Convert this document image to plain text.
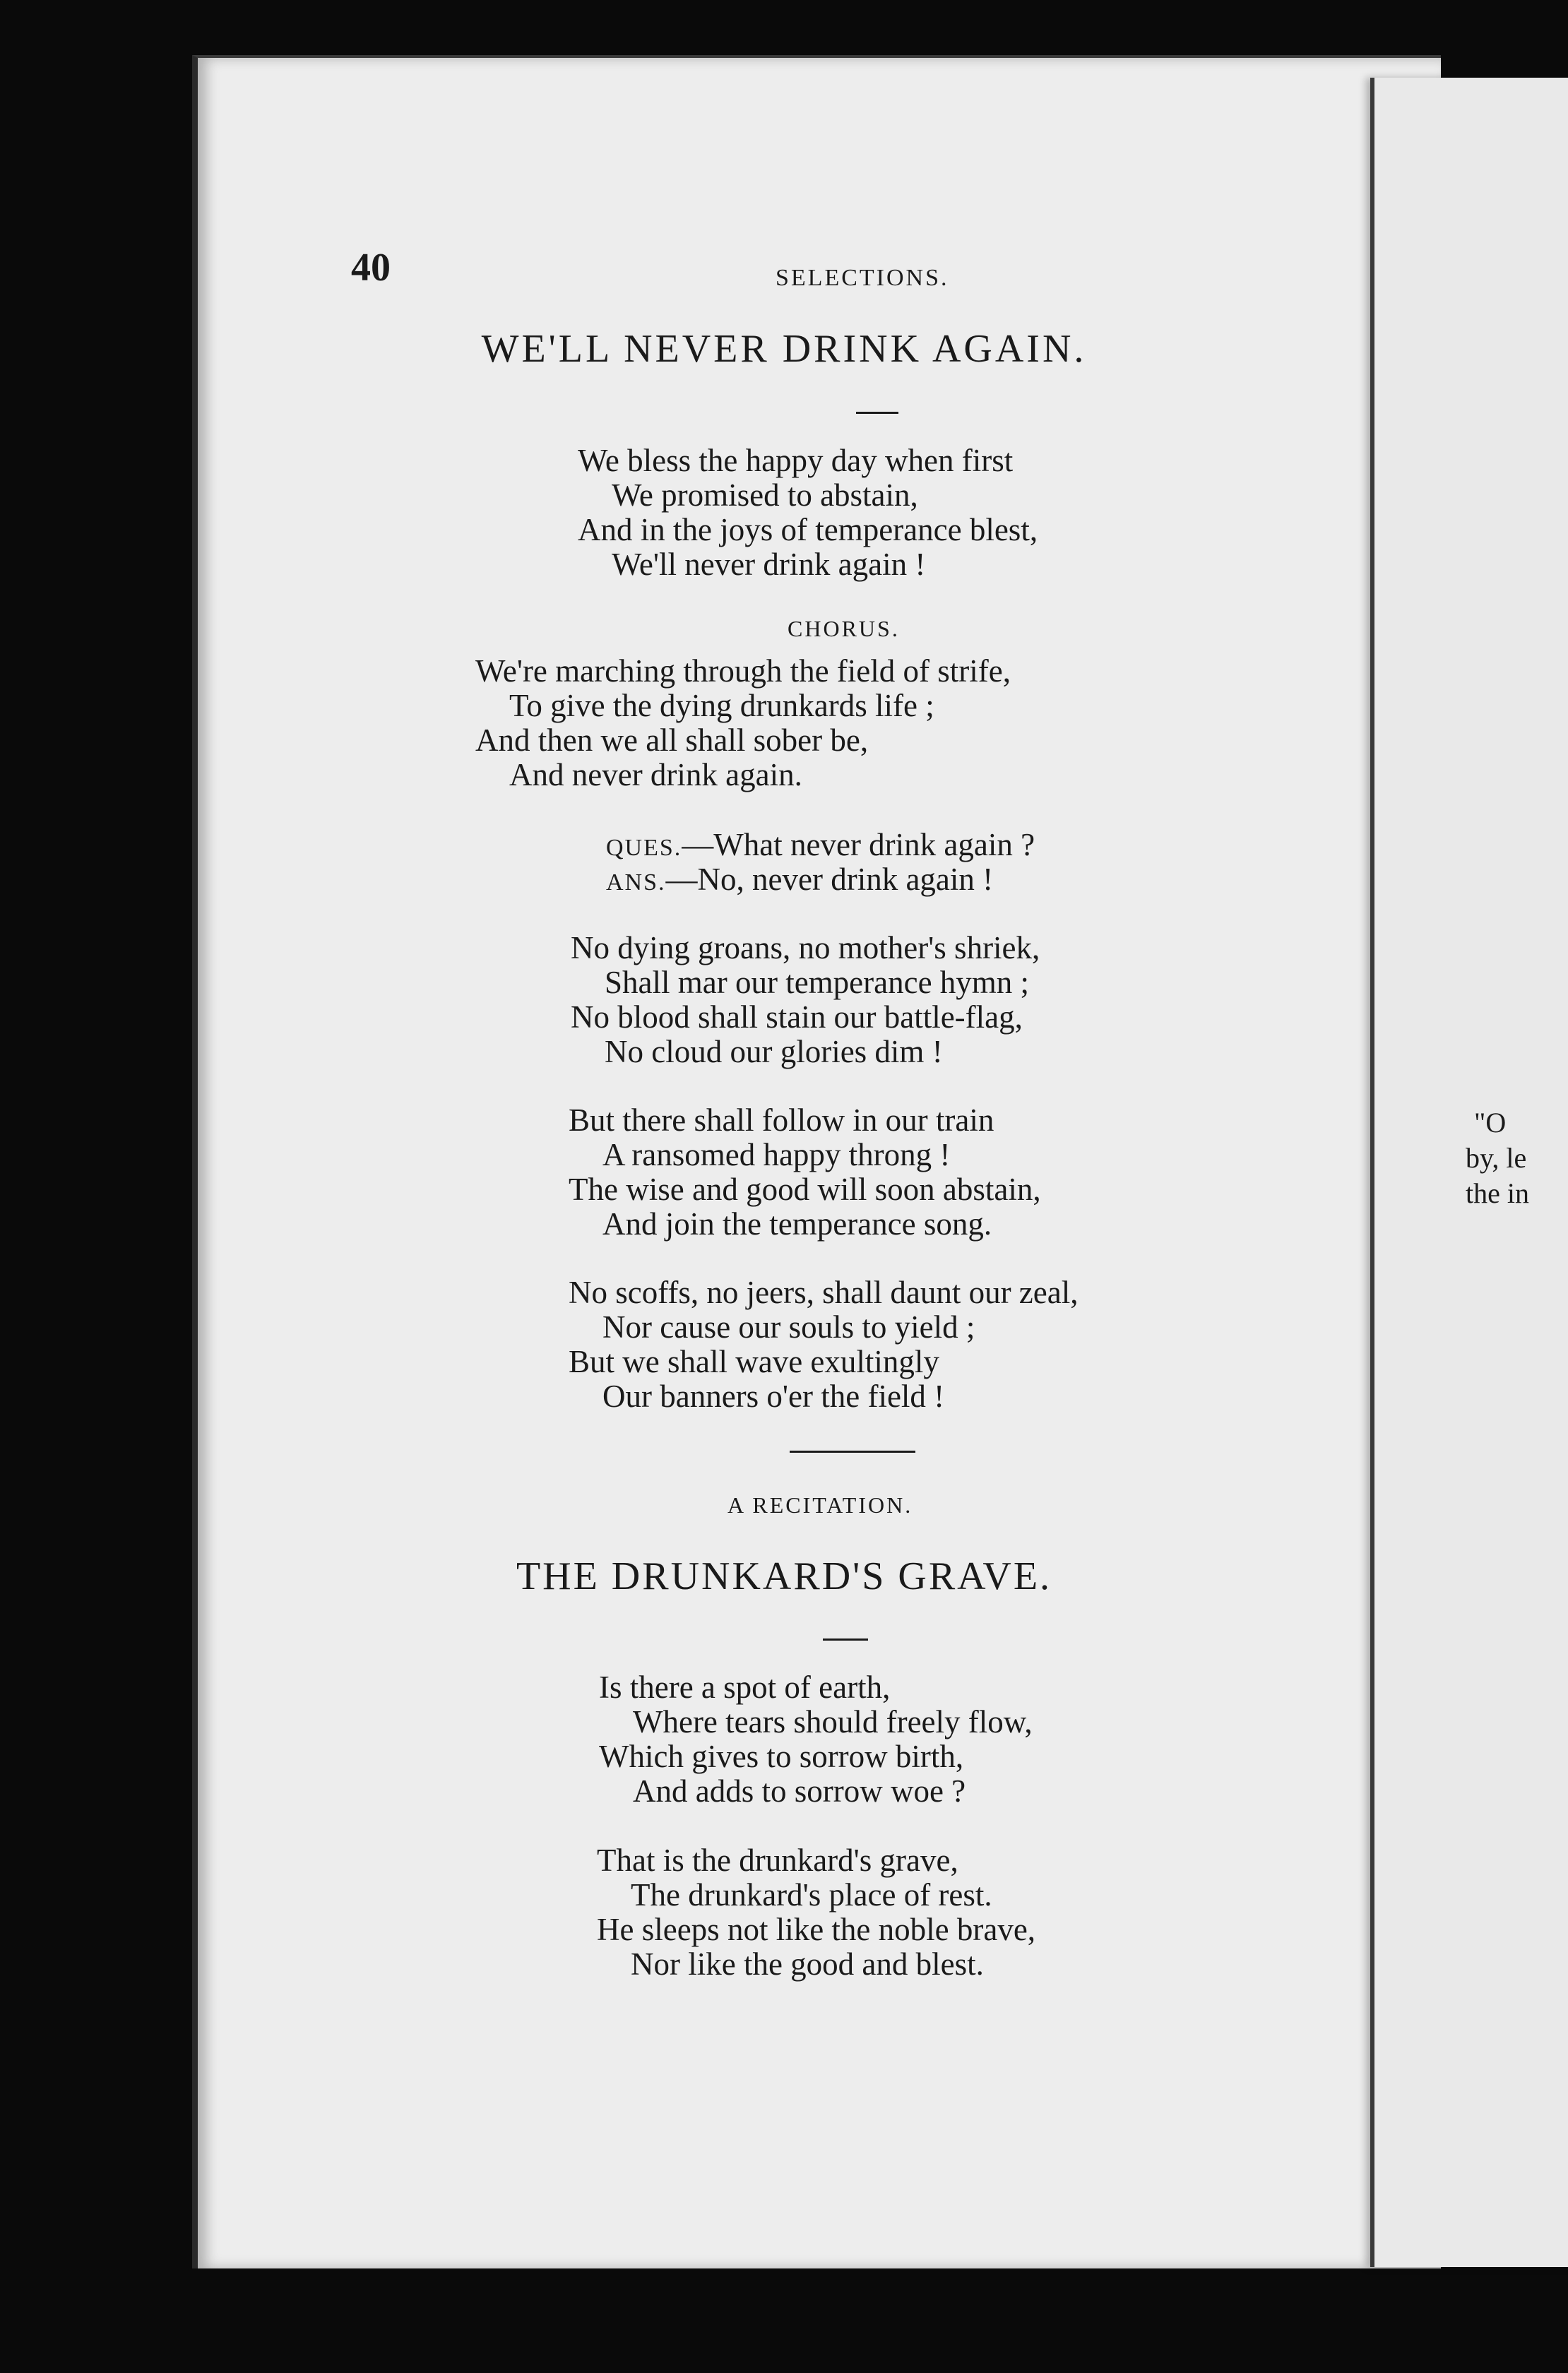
"O
by, le
the in
40	SELECTIONS.
WE'LL NEVER DRINK AGAIN.
We bless the happy day when first
We promised to abstain,
And in the joys of temperance blest,
We'll never drink again !
CHORUS.
We're marching through the field of strife,
To give the dying drunkards life ;
And then we all shall sober be,
And never drink again.
QUES.—What never drink again ?
ANS.—No, never drink again !
No dying groans, no mother's shriek,
Shall mar our temperance hymn ;
No blood shall stain our battle-flag,
No cloud our glories dim !
But there shall follow in our train
A ransomed happy throng !
The wise and good will soon abstain,
And join the temperance song.
No scoffs, no jeers, shall daunt our zeal,
Nor cause our souls to yield ;
But we shall wave exultingly
Our banners o'er the field !
A RECITATION.
THE DRUNKARD'S GRAVE.
Is there a spot of earth,
Where tears should freely flow,
Which gives to sorrow birth,
And adds to sorrow woe ?
That is the drunkard's grave,
The drunkard's place of rest.
He sleeps not like the noble brave,
Nor like the good and blest.
